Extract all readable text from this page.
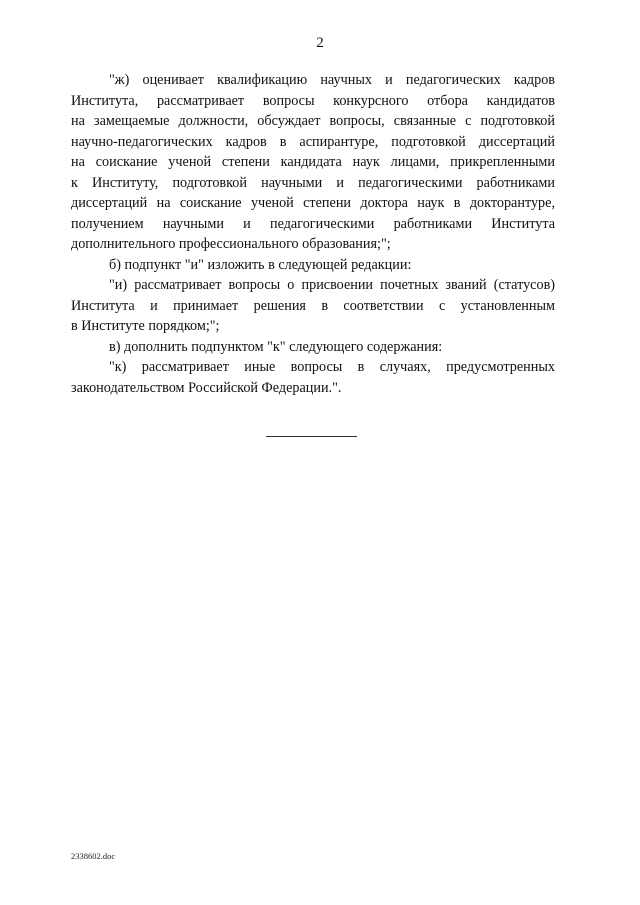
2
"ж) оценивает квалификацию научных и педагогических кадров
Института, рассматривает вопросы конкурсного отбора кандидатов
на замещаемые должности, обсуждает вопросы, связанные с подготовкой
научно-педагогических кадров в аспирантуре, подготовкой диссертаций
на соискание ученой степени кандидата наук лицами, прикрепленными
к Институту, подготовкой научными и педагогическими работниками
диссертаций на соискание ученой степени доктора наук в докторантуре,
получением научными и педагогическими работниками Института
дополнительного профессионального образования;";
б) подпункт "и" изложить в следующей редакции:
"и) рассматривает вопросы о присвоении почетных званий (статусов)
Института и принимает решения в соответствии с установленным
в Институте порядком;";
в) дополнить подпунктом "к" следующего содержания:
"к) рассматривает иные вопросы в случаях, предусмотренных
законодательством Российской Федерации.".
2338602.doc
